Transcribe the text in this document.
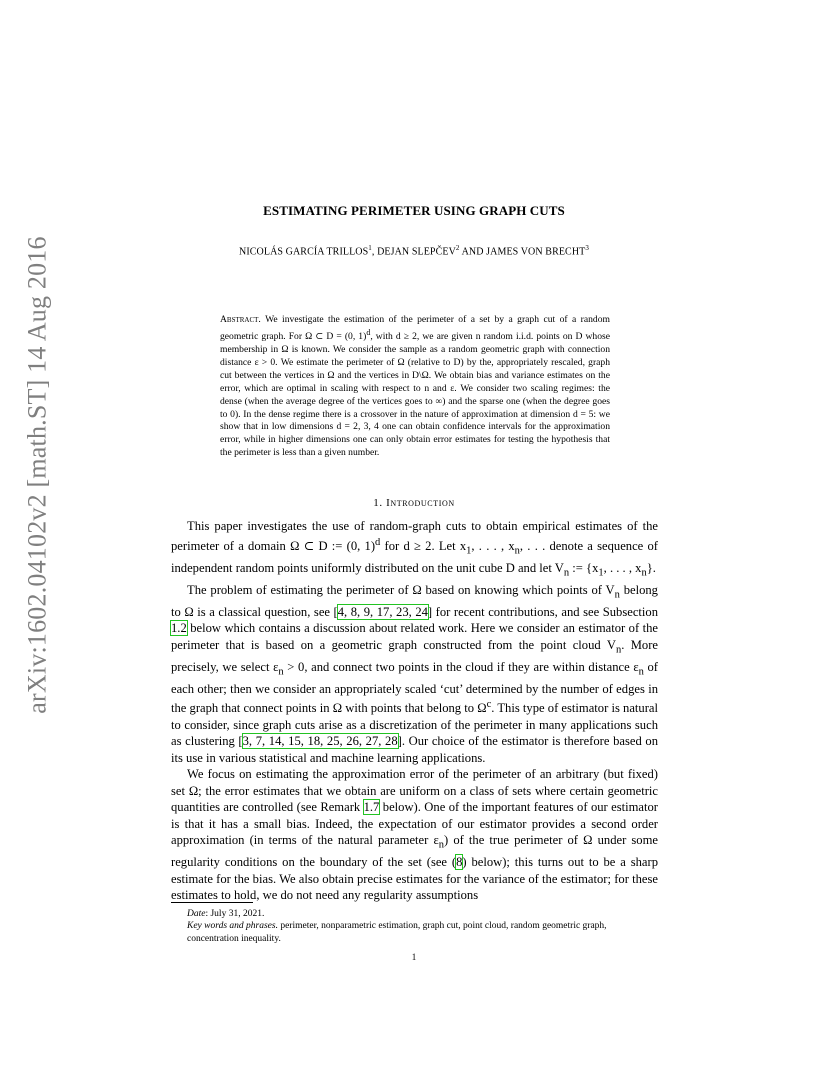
arXiv:1602.04102v2 [math.ST] 14 Aug 2016
ESTIMATING PERIMETER USING GRAPH CUTS
NICOLÁS GARCÍA TRILLOS$^1$, DEJAN SLEPČEV$^2$ AND JAMES VON BRECHT$^3$
Abstract. We investigate the estimation of the perimeter of a set by a graph cut of a random geometric graph. For Ω ⊂ D = (0, 1)$^d$, with d ≥ 2, we are given n random i.i.d. points on D whose membership in Ω is known. We consider the sample as a random geometric graph with connection distance ε > 0. We estimate the perimeter of Ω (relative to D) by the, appropriately rescaled, graph cut between the vertices in Ω and the vertices in D\Ω. We obtain bias and variance estimates on the error, which are optimal in scaling with respect to n and ε. We consider two scaling regimes: the dense (when the average degree of the vertices goes to ∞) and the sparse one (when the degree goes to 0). In the dense regime there is a crossover in the nature of approximation at dimension d = 5: we show that in low dimensions d = 2, 3, 4 one can obtain confidence intervals for the approximation error, while in higher dimensions one can only obtain error estimates for testing the hypothesis that the perimeter is less than a given number.
1. Introduction

This paper investigates the use of random-graph cuts to obtain empirical estimates of the perimeter of a domain Ω ⊂ D := (0, 1)$^d$ for d ≥ 2. Let $x_1$, . . . , $x_n$, . . . denote a sequence of independent random points uniformly distributed on the unit cube D and let $V_n$ := {$x_1$, . . . , $x_n$}.

The problem of estimating the perimeter of Ω based on knowing which points of $V_n$ belong to Ω is a classical question, see [4, 8, 9, 17, 23, 24] for recent contributions, and see Subsection 1.2 below which contains a discussion about related work. Here we consider an estimator of the perimeter that is based on a geometric graph constructed from the point cloud $V_n$. More precisely, we select $\varepsilon_n > 0$, and connect two points in the cloud if they are within distance $\varepsilon_n$ of each other; then we consider an appropriately scaled ‘cut’ determined by the number of edges in the graph that connect points in Ω with points that belong to $\Omega^c$. This type of estimator is natural to consider, since graph cuts arise as a discretization of the perimeter in many applications such as clustering [3, 7, 14, 15, 18, 25, 26, 27, 28]. Our choice of the estimator is therefore based on its use in various statistical and machine learning applications.

We focus on estimating the approximation error of the perimeter of an arbitrary (but fixed) set Ω; the error estimates that we obtain are uniform on a class of sets where certain geometric quantities are controlled (see Remark 1.7 below). One of the important features of our estimator is that it has a small bias. Indeed, the expectation of our estimator provides a second order approximation (in terms of the natural parameter $\varepsilon_n$) of the true perimeter of Ω under some regularity conditions on the boundary of the set (see (8) below); this turns out to be a sharp estimate for the bias. We also obtain precise estimates for the variance of the estimator; for these estimates to hold, we do not need any regularity assumptions

Date: July 31, 2021.

Key words and phrases. perimeter, nonparametric estimation, graph cut, point cloud, random geometric graph, concentration inequality.

1
